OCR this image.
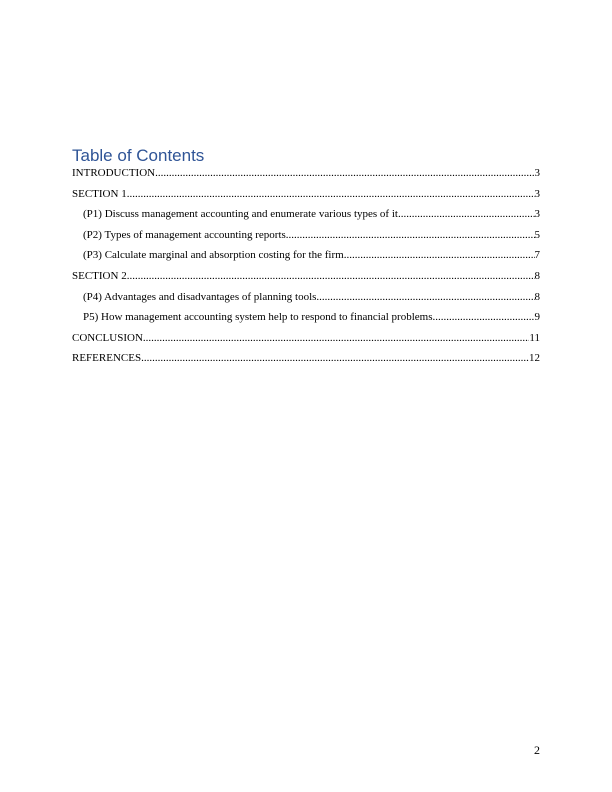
Table of Contents
INTRODUCTION .....	3
SECTION 1 .....	3
(P1) Discuss management accounting and enumerate various types of it .....	3
(P2) Types of management accounting reports .....	5
(P3) Calculate marginal and absorption costing for the firm .....	7
SECTION 2 .....	8
(P4) Advantages and disadvantages of planning tools .....	8
P5) How management accounting system help to respond to financial problems .....	9
CONCLUSION .....	11
REFERENCES .....	12
2
